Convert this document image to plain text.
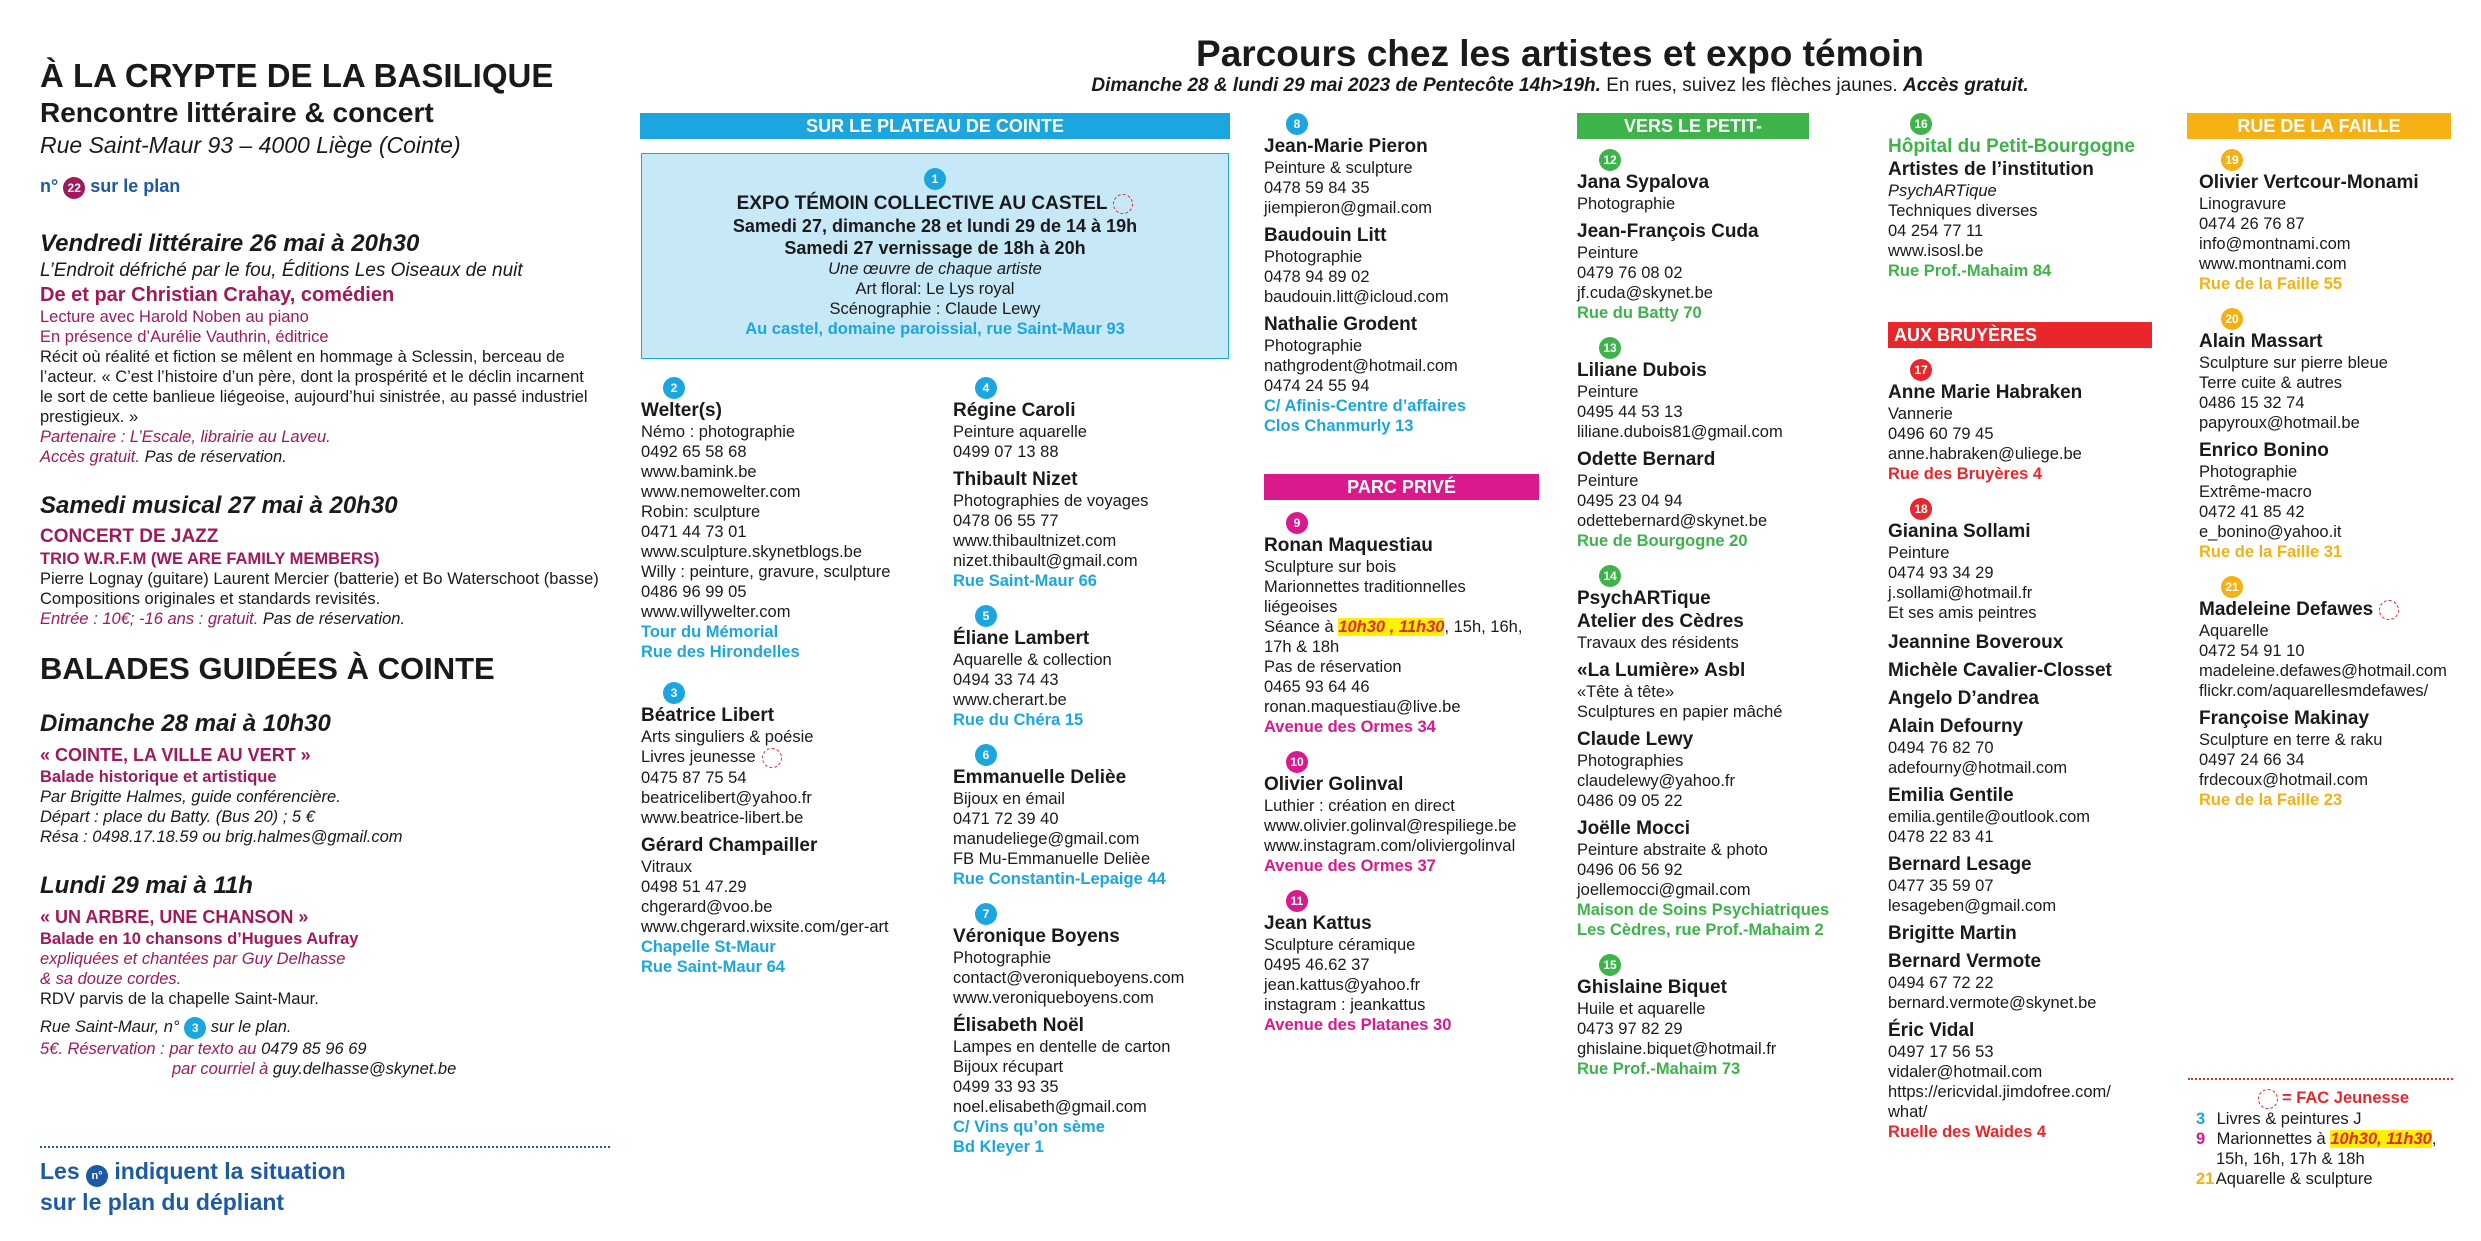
À LA CRYPTE DE LA BASILIQUE
Rencontre littéraire & concert
Rue Saint-Maur 93 – 4000 Liège (Cointe)
n° 22 sur le plan
Vendredi littéraire 26 mai à 20h30
L’Endroit défriché par le fou, Éditions Les Oiseaux de nuit
De et par Christian Crahay, comédien
Lecture avec Harold Noben au piano
En présence d’Aurélie Vauthrin, éditrice
Récit où réalité et fiction se mêlent en hommage à Sclessin, berceau de
l’acteur. « C’est l’histoire d’un père, dont la prospérité et le déclin incarnent
le sort de cette banlieue liégeoise, aujourd’hui sinistrée, au passé industriel
prestigieux. »
Partenaire : L’Escale, librairie au Laveu.
Accès gratuit. Pas de réservation.
Samedi musical 27 mai à 20h30
CONCERT DE JAZZ
TRIO W.R.F.M (WE ARE FAMILY MEMBERS)
Pierre Lognay (guitare) Laurent Mercier (batterie) et Bo Waterschoot (basse)
Compositions originales et standards revisités.
Entrée : 10€; -16 ans : gratuit. Pas de réservation.
BALADES GUIDÉES À COINTE
Dimanche 28 mai à 10h30
« COINTE, LA VILLE AU VERT »
Balade historique et artistique
Par Brigitte Halmes, guide conférencière.
Départ : place du Batty. (Bus 20) ; 5 €
Résa : 0498.17.18.59 ou brig.halmes@gmail.com
Lundi 29 mai à 11h
« UN ARBRE, UNE CHANSON »
Balade en 10 chansons d’Hugues Aufray
expliquées et chantées par Guy Delhasse
& sa douze cordes.
RDV parvis de la chapelle Saint-Maur.
Rue Saint-Maur, n° 3 sur le plan.
5€. Réservation : par texto au 0479 85 96 69
par courriel à guy.delhasse@skynet.be
Les n° indiquent la situation
sur le plan du dépliant
Parcours chez les artistes et expo témoin
Dimanche 28 & lundi 29 mai 2023 de Pentecôte 14h>19h. En rues, suivez les flèches jaunes. Accès gratuit.
SUR LE PLATEAU DE COINTE	VERS LE PETIT-BOURGOGNE
RUE DE LA FAILLE
PARC PRIVÉ
AUX BRUYÈRES
1
EXPO TÉMOIN COLLECTIVE AU CASTEL
Samedi 27, dimanche 28 et lundi 29 de 14 à 19h
Samedi 27 vernissage de 18h à 20h
Une œuvre de chaque artiste
Art floral: Le Lys royal
Scénographie : Claude Lewy
Au castel, domaine paroissial, rue Saint-Maur 93
2
Welter(s)
Némo : photographie
0492 65 58 68
www.bamink.be
www.nemowelter.com
Robin: sculpture
0471 44 73 01
www.sculpture.skynetblogs.be
Willy : peinture, gravure, sculpture
0486 96 99 05
www.willywelter.com
Tour du Mémorial
Rue des Hirondelles
3
Béatrice Libert
Arts singuliers & poésie
Livres jeunesse
0475 87 75 54
beatricelibert@yahoo.fr
www.beatrice-libert.be
Gérard Champailler
Vitraux
0498 51 47.29
chgerard@voo.be
www.chgerard.wixsite.com/ger-art
Chapelle St-Maur
Rue Saint-Maur 64
4
Régine Caroli
Peinture aquarelle
0499 07 13 88
Thibault Nizet
Photographies de voyages
0478 06 55 77
www.thibaultnizet.com
nizet.thibault@gmail.com
Rue Saint-Maur 66
5
Éliane Lambert
Aquarelle & collection
0494 33 74 43
www.cherart.be
Rue du Chéra 15
6
Emmanuelle Delièe
Bijoux en émail
0471 72 39 40
manudeliege@gmail.com
FB Mu-Emmanuelle Delièe
Rue Constantin-Lepaige 44
7
Véronique Boyens
Photographie
contact@veroniqueboyens.com
www.veroniqueboyens.com
Élisabeth Noël
Lampes en dentelle de carton
Bijoux récupart
0499 33 93 35
noel.elisabeth@gmail.com
C/ Vins qu’on sème
Bd Kleyer 1
8
Jean-Marie Pieron
Peinture & sculpture
0478 59 84 35
jiempieron@gmail.com
Baudouin Litt
Photographie
0478 94 89 02
baudouin.litt@icloud.com
Nathalie Grodent
Photographie
nathgrodent@hotmail.com
0474 24 55 94
C/ Afinis-Centre d’affaires
Clos Chanmurly 13
9
Ronan Maquestiau
Sculpture sur bois
Marionnettes traditionnelles
liégeoises
Séance à 10h30 , 11h30, 15h, 16h,
17h & 18h
Pas de réservation
0465 93 64 46
ronan.maquestiau@live.be
Avenue des Ormes 34
10
Olivier Golinval
Luthier : création en direct
www.olivier.golinval@respiliege.be
www.instagram.com/oliviergolinval
Avenue des Ormes 37
11
Jean Kattus
Sculpture céramique
0495 46.62 37
jean.kattus@yahoo.fr
instagram : jeankattus
Avenue des Platanes 30
12
Jana Sypalova
Photographie
Jean-François Cuda
Peinture
0479 76 08 02
jf.cuda@skynet.be
Rue du Batty 70
13
Liliane Dubois
Peinture
0495 44 53 13
liliane.dubois81@gmail.com
Odette Bernard
Peinture
0495 23 04 94
odettebernard@skynet.be
Rue de Bourgogne 20
14
PsychARTique
Atelier des Cèdres
Travaux des résidents
«La Lumière» Asbl
«Tête à tête»
Sculptures en papier mâché
Claude Lewy
Photographies
claudelewy@yahoo.fr
0486 09 05 22
Joëlle Mocci
Peinture abstraite & photo
0496 06 56 92
joellemocci@gmail.com
Maison de Soins Psychiatriques
Les Cèdres, rue Prof.-Mahaim 2
15
Ghislaine Biquet
Huile et aquarelle
0473 97 82 29
ghislaine.biquet@hotmail.fr
Rue Prof.-Mahaim 73
16
Hôpital du Petit-Bourgogne
Artistes de l’institution
PsychARTique
Techniques diverses
04 254 77 11
www.isosl.be
Rue Prof.-Mahaim 84
17
Anne Marie Habraken
Vannerie
0496 60 79 45
anne.habraken@uliege.be
Rue des Bruyères 4
18
Gianina Sollami
Peinture
0474 93 34 29
j.sollami@hotmail.fr
Et ses amis peintres
Jeannine Boveroux
Michèle Cavalier-Closset
Angelo D’andrea
Alain Defourny
0494 76 82 70
adefourny@hotmail.com
Emilia Gentile
emilia.gentile@outlook.com
0478 22 83 41
Bernard Lesage
0477 35 59 07
lesageben@gmail.com
Brigitte Martin
Bernard Vermote
0494 67 72 22
bernard.vermote@skynet.be
Éric Vidal
0497 17 56 53
vidaler@hotmail.com
https://ericvidal.jimdofree.com/
what/
Ruelle des Waides 4
19
Olivier Vertcour-Monami
Linogravure
0474 26 76 87
info@montnami.com
www.montnami.com
Rue de la Faille 55
20
Alain Massart
Sculpture sur pierre bleue
Terre cuite & autres
0486 15 32 74
papyroux@hotmail.be
Enrico Bonino
Photographie
Extrême-macro
0472 41 85 42
e_bonino@yahoo.it
Rue de la Faille 31
21
Madeleine Defawes
Aquarelle
0472 54 91 10
madeleine.defawes@hotmail.com
flickr.com/aquarellesmdefawes/
Françoise Makinay
Sculpture en terre & raku
0497 24 66 34
frdecoux@hotmail.com
Rue de la Faille 23
= FAC Jeunesse
3 Livres & peintures J
9 Marionnettes à 10h30, 11h30,
15h, 16h, 17h & 18h
21 Aquarelle & sculpture
